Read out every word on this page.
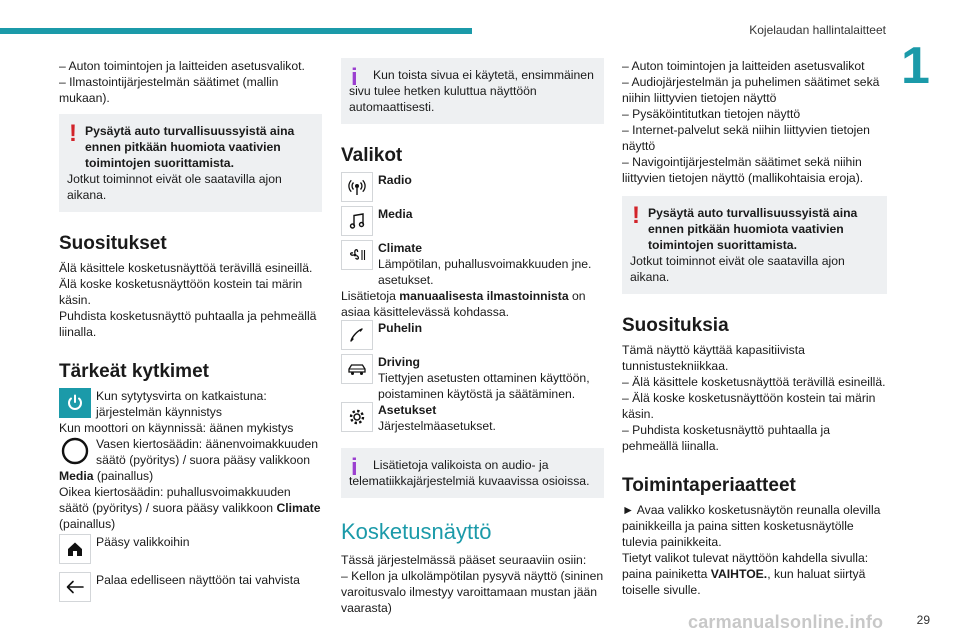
Kojelaudan hallintalaitteet
1

– Auton toimintojen ja laitteiden asetusvalikot.

– Ilmastointijärjestelmän säätimet (mallin mukaan).

! Pysäytä auto turvallisuussyistä aina ennen pitkään huomiota vaativien toimintojen suorittamista.

Jotkut toiminnot eivät ole saatavilla ajon aikana.

Suositukset

Älä käsittele kosketusnäyttöä terävillä esineillä.

Älä koske kosketusnäyttöön kostein tai märin käsin.

Puhdista kosketusnäyttö puhtaalla ja pehmeällä liinalla.

Tärkeät kytkimet

Kun sytytysvirta on katkaistuna: järjestelmän käynnistys

Kun moottori on käynnissä: äänen mykistys

Vasen kiertosäädin: äänenvoimakkuuden säätö (pyöritys) / suora pääsy valikkoon

Media (painallus)

Oikea kiertosäädin: puhallusvoimakkuuden säätö (pyöritys) / suora pääsy valikkoon Climate (painallus)

Pääsy valikkoihin

Palaa edelliseen näyttöön tai vahvista

i	Kun toista sivua ei käytetä, ensimmäinen sivu tulee hetken kuluttua näyttöön automaattisesti.

Valikot

Radio

Media

Climate

Lämpötilan, puhallusvoimakkuuden jne. asetukset.

Lisätietoja manuaalisesta ilmastoinnista on asiaa käsittelevässä kohdassa.

Puhelin

Driving

Tiettyjen asetusten ottaminen käyttöön, poistaminen käytöstä ja säätäminen.

Asetukset

Järjestelmäasetukset.

i	Lisätietoja valikoista on audio- ja telematiikkajärjestelmiä kuvaavissa osioissa.

Kosketusnäyttö

Tässä järjestelmässä pääset seuraaviin osiin:

– Kellon ja ulkolämpötilan pysyvä näyttö (sininen varoitusvalo ilmestyy varoittamaan mustan jään vaarasta)

– Auton toimintojen ja laitteiden asetusvalikot

– Audiojärjestelmän ja puhelimen säätimet sekä niihin liittyvien tietojen näyttö

– Pysäköintitutkan tietojen näyttö

– Internet-palvelut sekä niihin liittyvien tietojen näyttö

– Navigointijärjestelmän säätimet sekä niihin liittyvien tietojen näyttö (mallikohtaisia eroja).

! Pysäytä auto turvallisuussyistä aina ennen pitkään huomiota vaativien toimintojen suorittamista.

Jotkut toiminnot eivät ole saatavilla ajon aikana.

Suosituksia

Tämä näyttö käyttää kapasitiivista tunnistustekniikkaa.

– Älä käsittele kosketusnäyttöä terävillä esineillä.

– Älä koske kosketusnäyttöön kostein tai märin käsin.

– Puhdista kosketusnäyttö puhtaalla ja pehmeällä liinalla.

Toimintaperiaatteet

► Avaa valikko kosketusnäytön reunalla olevilla painikkeilla ja paina sitten kosketusnäytölle tulevia painikkeita.

Tietyt valikot tulevat näyttöön kahdella sivulla: paina painiketta VAIHTOE., kun haluat siirtyä toiselle sivulle.

carmanualsonline.info	29
